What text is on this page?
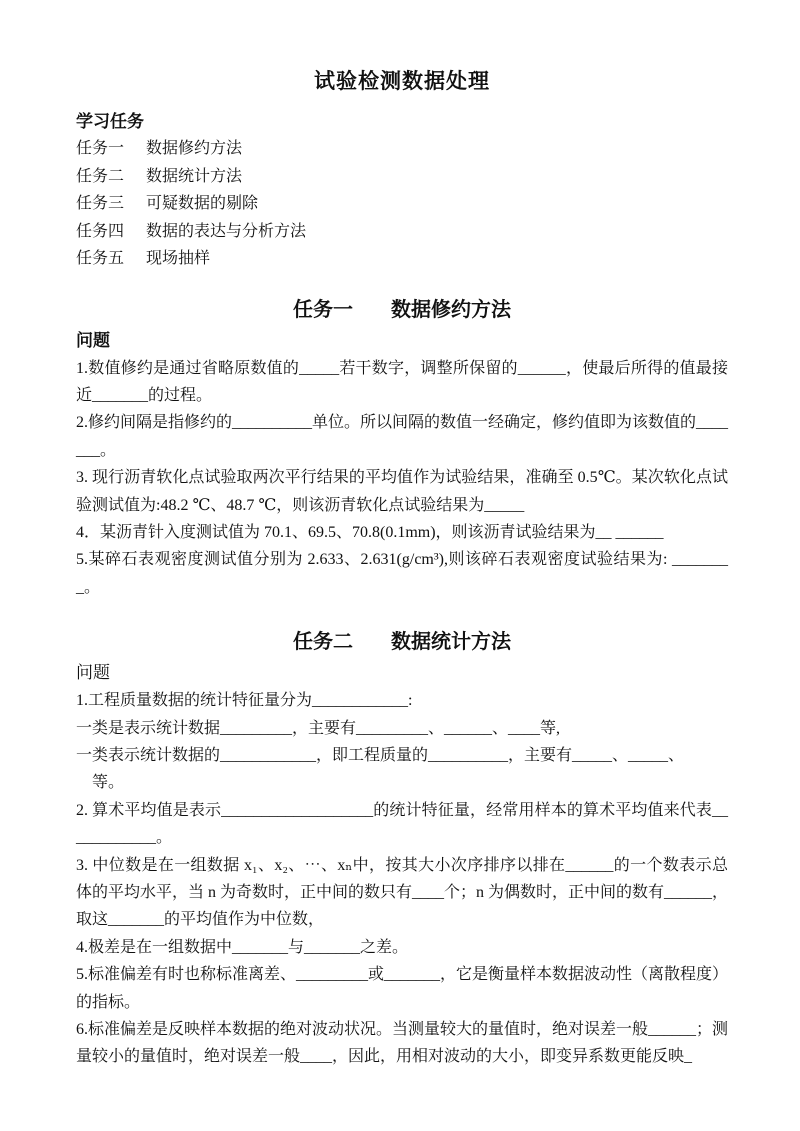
试验检测数据处理
学习任务
任务一	数据修约方法
任务二	数据统计方法
任务三	可疑数据的剔除
任务四	数据的表达与分析方法
任务五	现场抽样
任务一 数据修约方法
问题

1.数值修约是通过省略原数值的_____若干数字，调整所保留的______，使最后所得的值最接近_______的过程。

2.修约间隔是指修约的__________单位。所以间隔的数值一经确定，修约值即为该数值的_______。

3. 现行沥青软化点试验取两次平行结果的平均值作为试验结果，准确至 0.5℃。某次软化点试验测试值为:48.2 ℃、48.7 ℃，则该沥青软化点试验结果为_____

4．某沥青针入度测试值为 70.1、69.5、70.8(0.1mm)，则该沥青试验结果为__ ______

5.某碎石表观密度测试值分别为 2.633、2.631(g/cm³),则该碎石表观密度试验结果为: ________。

任务二 数据统计方法
问题

1.工程质量数据的统计特征量分为____________:

一类是表示统计数据_________，主要有_________、______、____等,

一类表示统计数据的____________，即工程质量的__________，主要有_____、_____、

　等。

2. 算术平均值是表示___________________的统计特征量，经常用样本的算术平均值来代表____________。

3. 中位数是在一组数据 x₁、x₂、⋯、xₙ中，按其大小次序排序以排在______的一个数表示总体的平均水平，当 n 为奇数时，正中间的数只有____个；n 为偶数时，正中间的数有______，取这_______的平均值作为中位数，

4.极差是在一组数据中_______与_______之差。

5.标准偏差有时也称标准离差、_________或_______，它是衡量样本数据波动性（离散程度）的指标。

6.标准偏差是反映样本数据的绝对波动状况。当测量较大的量值时，绝对误差一般______；测量较小的量值时，绝对误差一般____，因此，用相对波动的大小，即变异系数更能反映_
